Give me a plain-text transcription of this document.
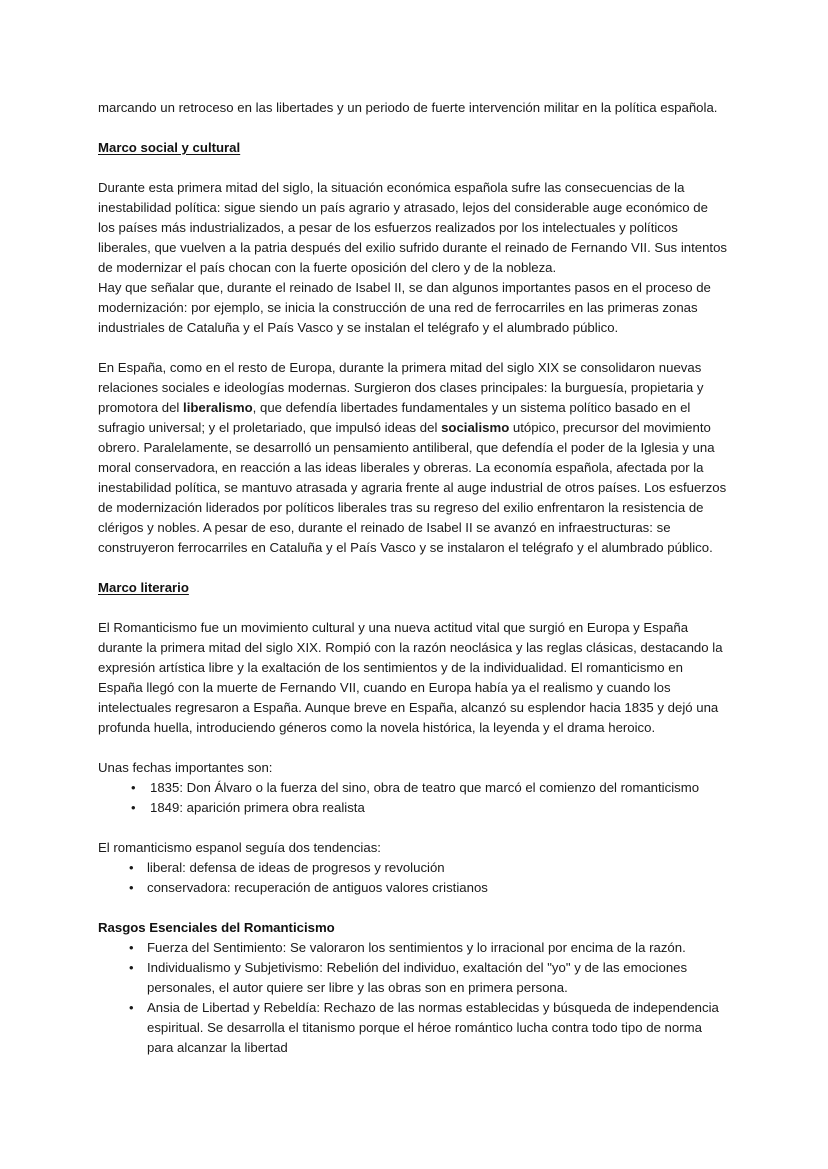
marcando un retroceso en las libertades y un periodo de fuerte intervención militar en la política española.

Marco social y cultural

Durante esta primera mitad del siglo, la situación económica española sufre las consecuencias de la inestabilidad política: sigue siendo un país agrario y atrasado, lejos del considerable auge económico de los países más industrializados, a pesar de los esfuerzos realizados por los intelectuales y políticos liberales, que vuelven a la patria después del exilio sufrido durante el reinado de Fernando VII. Sus intentos de modernizar el país chocan con la fuerte oposición del clero y de la nobleza.

Hay que señalar que, durante el reinado de Isabel II, se dan algunos importantes pasos en el proceso de modernización: por ejemplo, se inicia la construcción de una red de ferrocarriles en las primeras zonas industriales de Cataluña y el País Vasco y se instalan el telégrafo y el alumbrado público.

En España, como en el resto de Europa, durante la primera mitad del siglo XIX se consolidaron nuevas relaciones sociales e ideologías modernas. Surgieron dos clases principales: la burguesía, propietaria y promotora del liberalismo, que defendía libertades fundamentales y un sistema político basado en el sufragio universal; y el proletariado, que impulsó ideas del socialismo utópico, precursor del movimiento obrero. Paralelamente, se desarrolló un pensamiento antiliberal, que defendía el poder de la Iglesia y una moral conservadora, en reacción a las ideas liberales y obreras. La economía española, afectada por la inestabilidad política, se mantuvo atrasada y agraria frente al auge industrial de otros países. Los esfuerzos de modernización liderados por políticos liberales tras su regreso del exilio enfrentaron la resistencia de clérigos y nobles. A pesar de eso, durante el reinado de Isabel II se avanzó en infraestructuras: se construyeron ferrocarriles en Cataluña y el País Vasco y se instalaron el telégrafo y el alumbrado público.

Marco literario

El Romanticismo fue un movimiento cultural y una nueva actitud vital que surgió en Europa y España durante la primera mitad del siglo XIX. Rompió con la razón neoclásica y las reglas clásicas, destacando la expresión artística libre y la exaltación de los sentimientos y de la individualidad. El romanticismo en España llegó con la muerte de Fernando VII, cuando en Europa había ya el realismo y cuando los intelectuales regresaron a España. Aunque breve en España, alcanzó su esplendor hacia 1835 y dejó una profunda huella, introduciendo géneros como la novela histórica, la leyenda y el drama heroico.

Unas fechas importantes son:

• 1835: Don Álvaro o la fuerza del sino, obra de teatro que marcó el comienzo del romanticismo
• 1849: aparición primera obra realista

El romanticismo espanol seguía dos tendencias:

• liberal: defensa de ideas de progresos y revolución
• conservadora: recuperación de antiguos valores cristianos
Rasgos Esenciales del Romanticismo
• Fuerza del Sentimiento: Se valoraron los sentimientos y lo irracional por encima de la razón.
• Individualismo y Subjetivismo: Rebelión del individuo, exaltación del "yo" y de las emociones personales, el autor quiere ser libre y las obras son en primera persona.
• Ansia de Libertad y Rebeldía: Rechazo de las normas establecidas y búsqueda de independencia espiritual. Se desarrolla el titanismo porque el héroe romántico lucha contra todo tipo de norma para alcanzar la libertad
